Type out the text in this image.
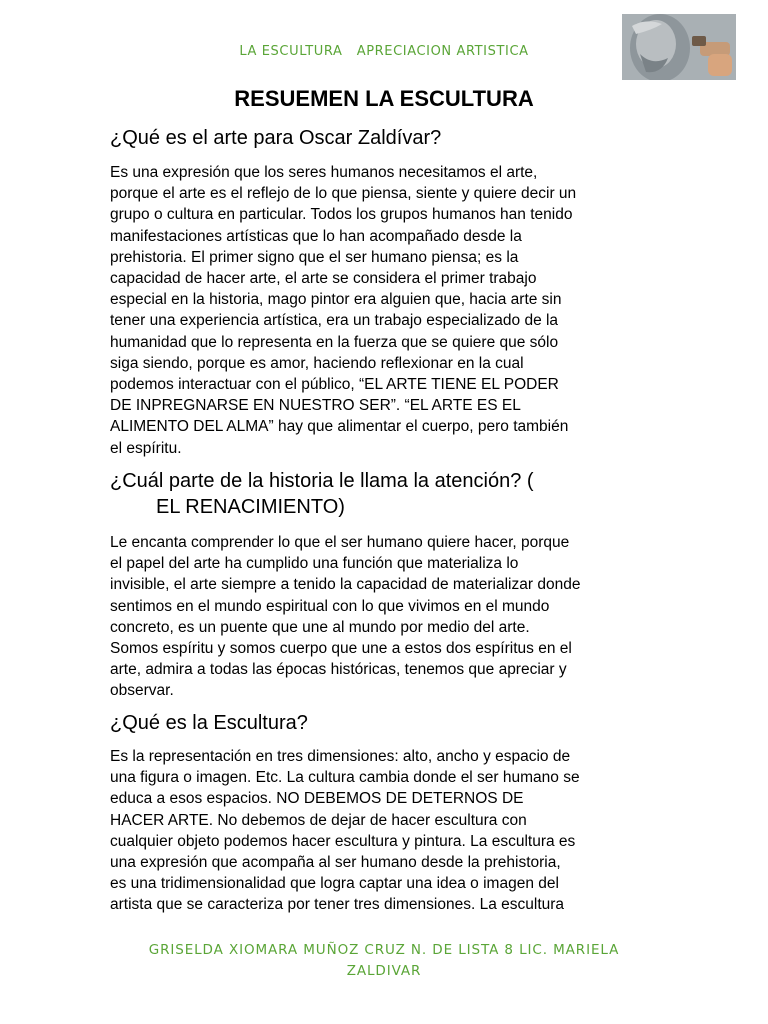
LA ESCULTURA   APRECIACION ARTISTICA
RESUEMEN LA ESCULTURA
¿Qué es el arte para Oscar Zaldívar?
Es una expresión que los seres humanos necesitamos el arte,
porque el arte es el reflejo de lo que piensa, siente y quiere decir un
grupo o cultura en particular. Todos los grupos humanos han tenido
manifestaciones artísticas que lo han acompañado desde la
prehistoria. El primer signo que el ser humano piensa; es la
capacidad de hacer arte, el arte se considera el primer trabajo
especial en la historia, mago pintor era alguien que, hacia arte sin
tener una experiencia artística, era un trabajo especializado de la
humanidad que lo representa en la fuerza que se quiere que sólo
siga siendo, porque es amor, haciendo reflexionar en la cual
podemos interactuar con el público, “EL ARTE TIENE EL PODER
DE INPREGNARSE EN NUESTRO SER”. “EL ARTE ES EL
ALIMENTO DEL ALMA” hay que alimentar el cuerpo, pero también
el espíritu.
¿Cuál parte de la historia le llama la atención? (
EL RENACIMIENTO)
Le encanta comprender lo que el ser humano quiere hacer, porque
el papel del arte ha cumplido una función que materializa lo
invisible, el arte siempre a tenido la capacidad de materializar donde
sentimos en el mundo espiritual con lo que vivimos en el mundo
concreto, es un puente que une al mundo por medio del arte.
Somos espíritu y somos cuerpo que une a estos dos espíritus en el
arte, admira a todas las épocas históricas, tenemos que apreciar y
observar.
¿Qué es la Escultura?
Es la representación en tres dimensiones: alto, ancho y espacio de
una figura o imagen. Etc. La cultura cambia donde el ser humano se
educa a esos espacios. NO DEBEMOS DE DETERNOS DE
HACER ARTE. No debemos de dejar de hacer escultura con
cualquier objeto podemos hacer escultura y pintura. La escultura es
una expresión que acompaña al ser humano desde la prehistoria,
es una tridimensionalidad que logra captar una idea o imagen del
artista que se caracteriza por tener tres dimensiones. La escultura
GRISELDA XIOMARA MUÑOZ CRUZ N. DE LISTA 8 LIC. MARIELA
ZALDIVAR
